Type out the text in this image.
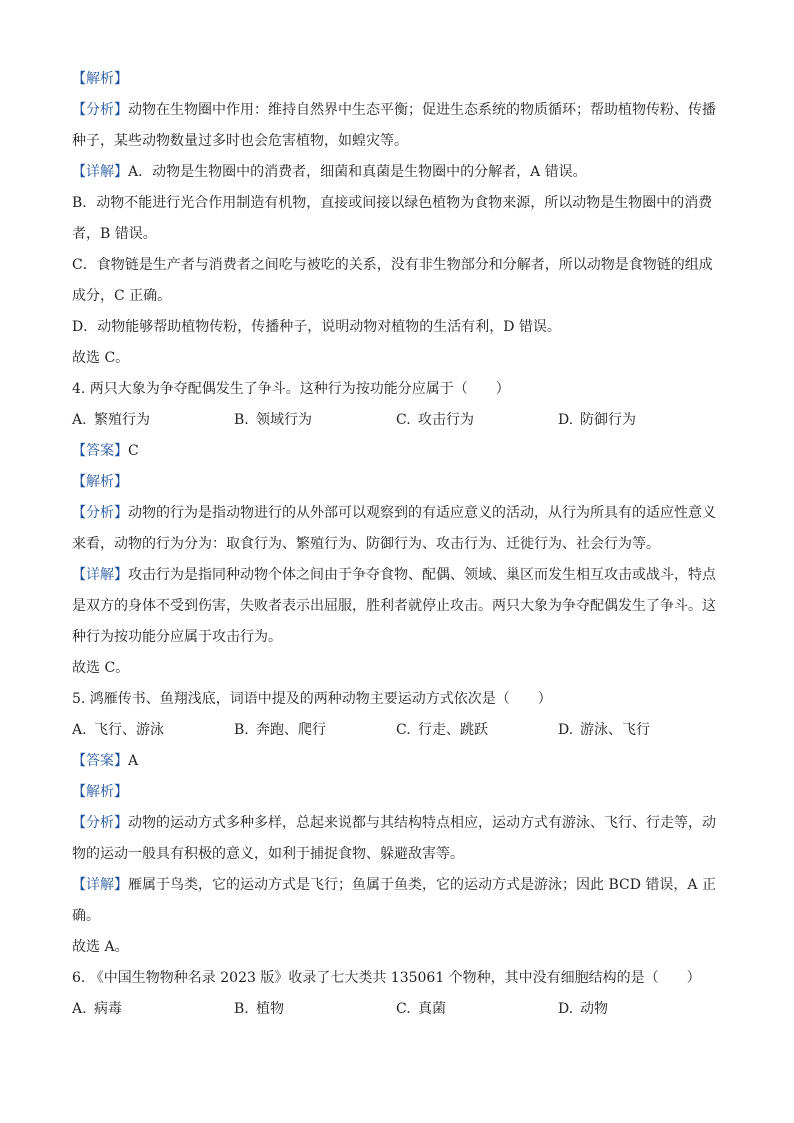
【解析】
【分析】动物在生物圈中作用：维持自然界中生态平衡；促进生态系统的物质循环；帮助植物传粉、传播
种子，某些动物数量过多时也会危害植物，如蝗灾等。
【详解】A．动物是生物圈中的消费者，细菌和真菌是生物圈中的分解者，A 错误。
B．动物不能进行光合作用制造有机物，直接或间接以绿色植物为食物来源，所以动物是生物圈中的消费
者，B 错误。
C．食物链是生产者与消费者之间吃与被吃的关系，没有非生物部分和分解者，所以动物是食物链的组成
成分，C 正确。
D．动物能够帮助植物传粉，传播种子，说明动物对植物的生活有利，D 错误。
故选 C。
4. 两只大象为争夺配偶发生了争斗。这种行为按功能分应属于（　　）
A. 繁殖行为	B. 领域行为	C. 攻击行为	D. 防御行为
【答案】C
【解析】
【分析】动物的行为是指动物进行的从外部可以观察到的有适应意义的活动，从行为所具有的适应性意义
来看，动物的行为分为：取食行为、繁殖行为、防御行为、攻击行为、迁徙行为、社会行为等。
【详解】攻击行为是指同种动物个体之间由于争夺食物、配偶、领域、巢区而发生相互攻击或战斗，特点
是双方的身体不受到伤害，失败者表示出屈服，胜利者就停止攻击。两只大象为争夺配偶发生了争斗。这
种行为按功能分应属于攻击行为。
故选 C。
5. 鸿雁传书、鱼翔浅底，词语中提及的两种动物主要运动方式依次是（　　）
A. 飞行、游泳	B. 奔跑、爬行	C. 行走、跳跃	D. 游泳、飞行
【答案】A
【解析】
【分析】动物的运动方式多种多样，总起来说都与其结构特点相应，运动方式有游泳、飞行、行走等，动
物的运动一般具有积极的意义，如利于捕捉食物、躲避敌害等。
【详解】雁属于鸟类，它的运动方式是飞行；鱼属于鱼类，它的运动方式是游泳；因此 BCD 错误，A 正
确。
故选 A。
6. 《中国生物物种名录 2023 版》收录了七大类共 135061 个物种，其中没有细胞结构的是（　　）
A. 病毒	B. 植物	C. 真菌	D. 动物
